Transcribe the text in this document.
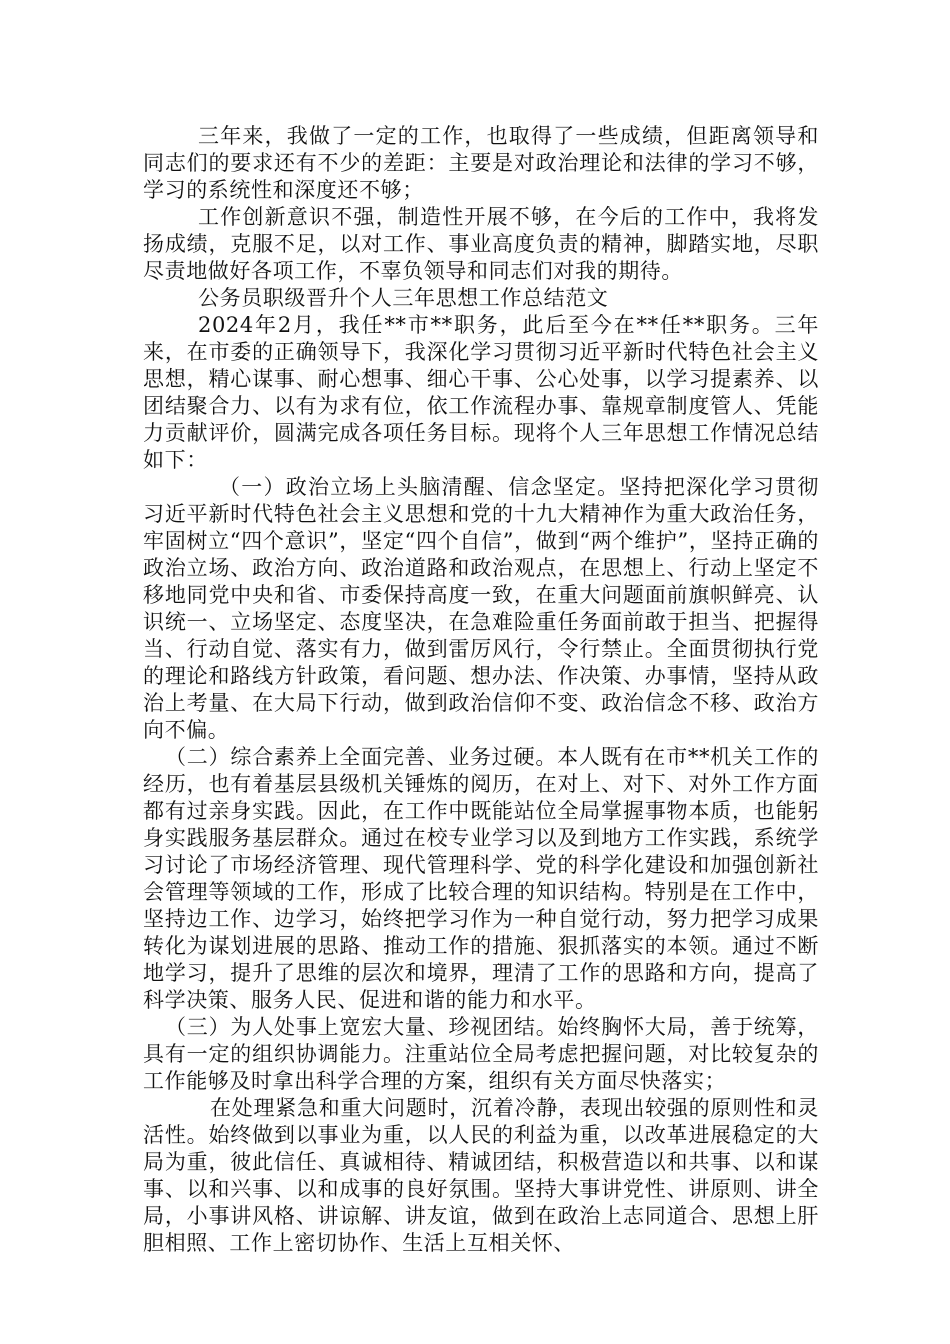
三年来，我做了一定的工作，也取得了一些成绩，但距离领导和同志们的要求还有不少的差距：主要是对政治理论和法律的学习不够，学习的系统性和深度还不够；

工作创新意识不强，制造性开展不够，在今后的工作中，我将发扬成绩，克服不足，以对工作、事业高度负责的精神，脚踏实地，尽职尽责地做好各项工作，不辜负领导和同志们对我的期待。

公务员职级晋升个人三年思想工作总结范文

2024年2月，我任**市**职务，此后至今在**任**职务。三年来，在市委的正确领导下，我深化学习贯彻习近平新时代特色社会主义思想，精心谋事、耐心想事、细心干事、公心处事，以学习提素养、以团结聚合力、以有为求有位，依工作流程办事、靠规章制度管人、凭能力贡献评价，圆满完成各项任务目标。现将个人三年思想工作情况总结如下：

（一）政治立场上头脑清醒、信念坚定。坚持把深化学习贯彻习近平新时代特色社会主义思想和党的十九大精神作为重大政治任务，牢固树立“四个意识”，坚定“四个自信”，做到“两个维护”，坚持正确的政治立场、政治方向、政治道路和政治观点，在思想上、行动上坚定不移地同党中央和省、市委保持高度一致，在重大问题面前旗帜鲜亮、认识统一、立场坚定、态度坚决，在急难险重任务面前敢于担当、把握得当、行动自觉、落实有力，做到雷厉风行，令行禁止。全面贯彻执行党的理论和路线方针政策，看问题、想办法、作决策、办事情，坚持从政治上考量、在大局下行动，做到政治信仰不变、政治信念不移、政治方向不偏。

（二）综合素养上全面完善、业务过硬。本人既有在市**机关工作的经历，也有着基层县级机关锤炼的阅历，在对上、对下、对外工作方面都有过亲身实践。因此，在工作中既能站位全局掌握事物本质，也能躬身实践服务基层群众。通过在校专业学习以及到地方工作实践，系统学习讨论了市场经济管理、现代管理科学、党的科学化建设和加强创新社会管理等领域的工作，形成了比较合理的知识结构。特别是在工作中，坚持边工作、边学习，始终把学习作为一种自觉行动，努力把学习成果转化为谋划进展的思路、推动工作的措施、狠抓落实的本领。通过不断地学习，提升了思维的层次和境界，理清了工作的思路和方向，提高了科学决策、服务人民、促进和谐的能力和水平。

（三）为人处事上宽宏大量、珍视团结。始终胸怀大局，善于统筹，具有一定的组织协调能力。注重站位全局考虑把握问题，对比较复杂的工作能够及时拿出科学合理的方案，组织有关方面尽快落实；

在处理紧急和重大问题时，沉着冷静，表现出较强的原则性和灵活性。始终做到以事业为重，以人民的利益为重，以改革进展稳定的大局为重，彼此信任、真诚相待、精诚团结，积极营造以和共事、以和谋事、以和兴事、以和成事的良好氛围。坚持大事讲党性、讲原则、讲全局，小事讲风格、讲谅解、讲友谊，做到在政治上志同道合、思想上肝胆相照、工作上密切协作、生活上互相关怀、
